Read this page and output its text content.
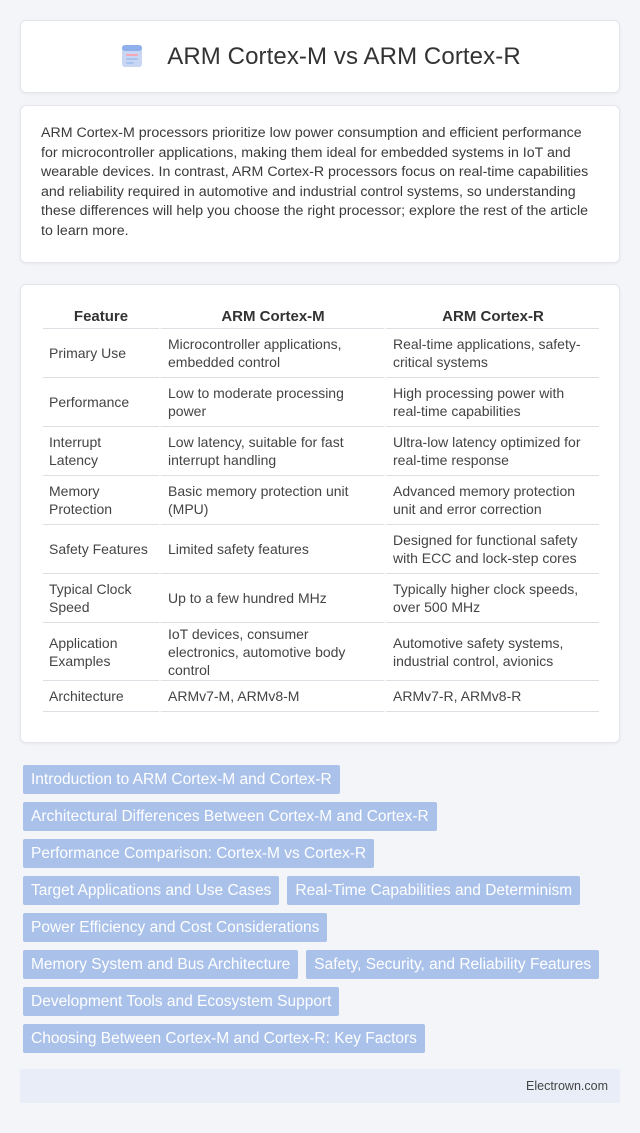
ARM Cortex-M vs ARM Cortex-R

ARM Cortex-M processors prioritize low power consumption and efficient performance for microcontroller applications, making them ideal for embedded systems in IoT and wearable devices. In contrast, ARM Cortex-R processors focus on real-time capabilities and reliability required in automotive and industrial control systems, so understanding these differences will help you choose the right processor; explore the rest of the article to learn more.

Feature	ARM Cortex-M	ARM Cortex-R
Primary Use	Microcontroller applications, embedded control	Real-time applications, safety-critical systems
Performance	Low to moderate processing power	High processing power with real-time capabilities
Interrupt Latency	Low latency, suitable for fast interrupt handling	Ultra-low latency optimized for real-time response
Memory Protection	Basic memory protection unit (MPU)	Advanced memory protection unit and error correction
Safety Features	Limited safety features	Designed for functional safety with ECC and lock-step cores
Typical Clock Speed	Up to a few hundred MHz	Typically higher clock speeds, over 500 MHz
Application Examples	IoT devices, consumer electronics, automotive body control	Automotive safety systems, industrial control, avionics
Architecture	ARMv7-M, ARMv8-M	ARMv7-R, ARMv8-R
Introduction to ARM Cortex-M and Cortex-R
Architectural Differences Between Cortex-M and Cortex-R
Performance Comparison: Cortex-M vs Cortex-R
Target Applications and Use Cases	Real-Time Capabilities and Determinism
Power Efficiency and Cost Considerations
Memory System and Bus Architecture	Safety, Security, and Reliability Features
Development Tools and Ecosystem Support
Choosing Between Cortex-M and Cortex-R: Key Factors
Electrown.com
